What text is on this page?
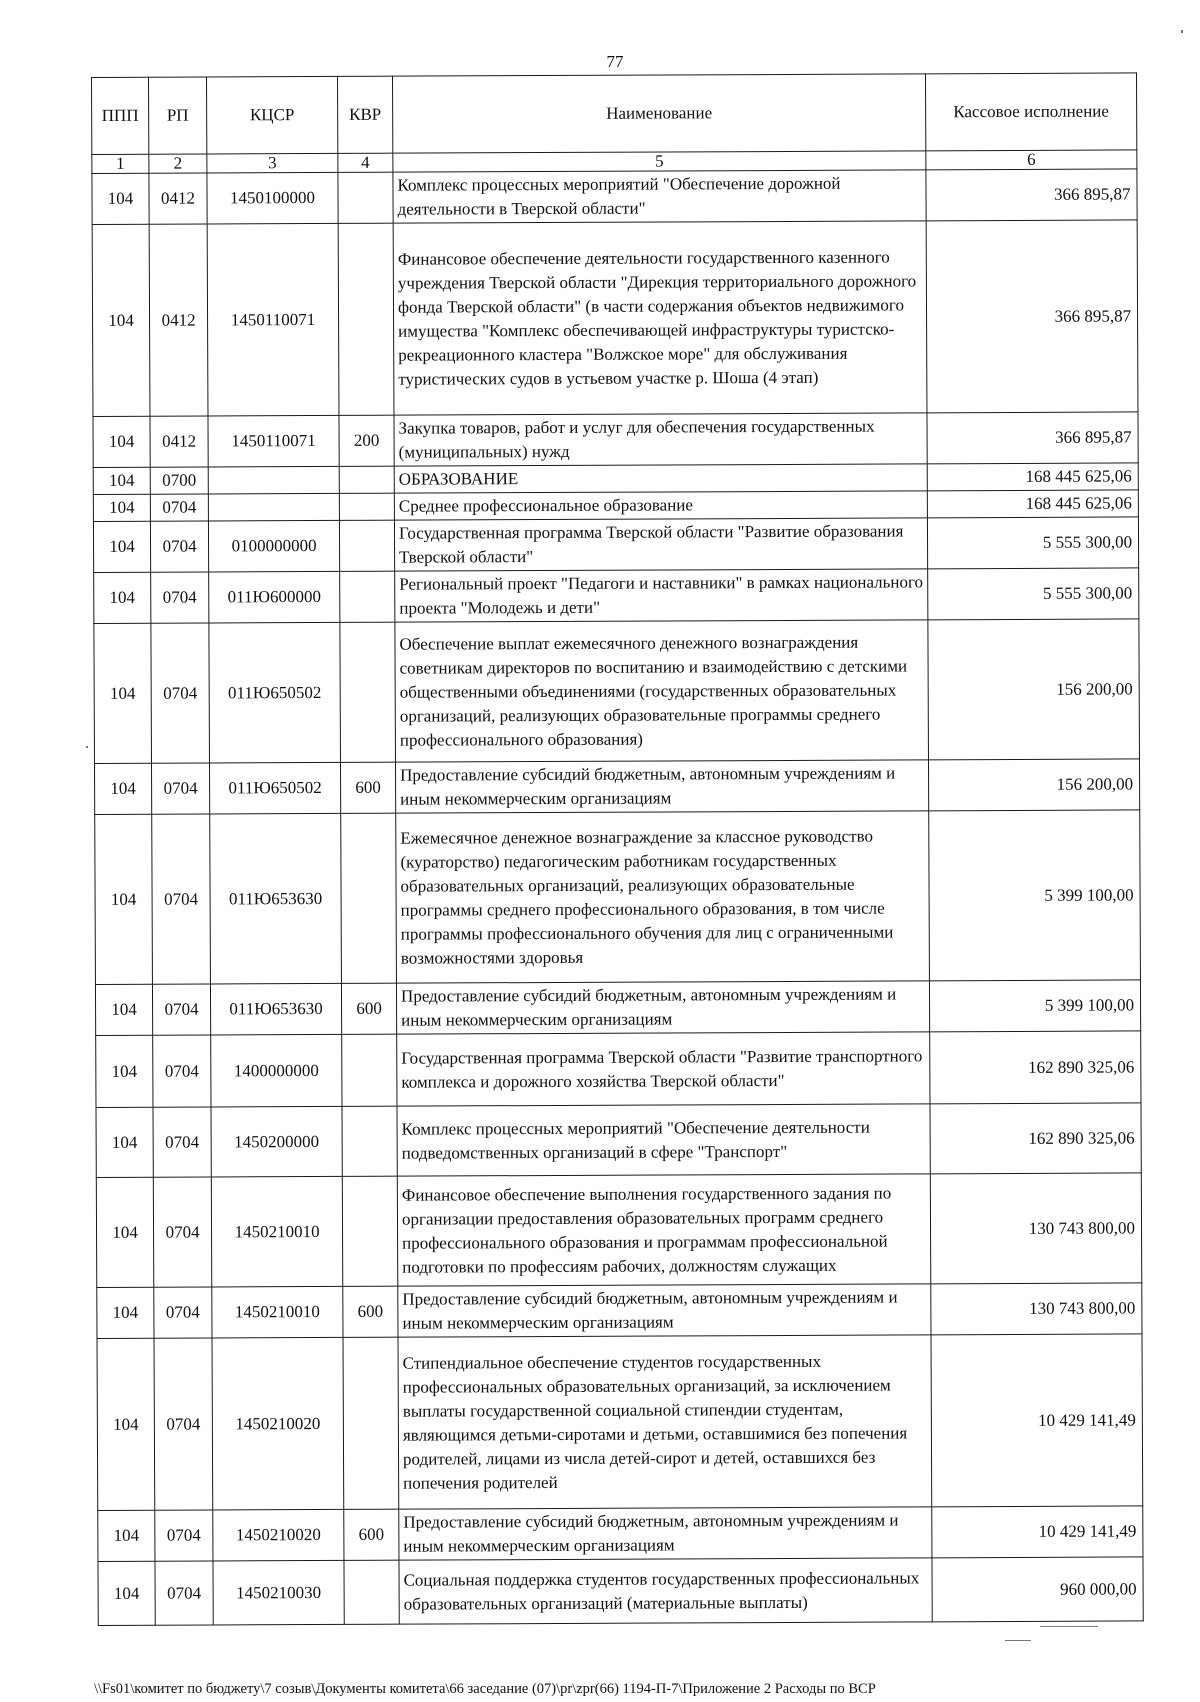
77
ППП	РП	КЦСР	КВР	Наименование	Кассовое исполнение
1	2	3	4	5	6
104	0412	1450100000		Комплекс процессных мероприятий "Обеспечение дорожной деятельности в Тверской области"	366 895,87
104	0412	1450110071		Финансовое обеспечение деятельности государственного казенного учреждения Тверской области "Дирекция территориального дорожного фонда Тверской области" (в части содержания объектов недвижимого имущества "Комплекс обеспечивающей инфраструктуры туристско-рекреационного кластера "Волжское море" для обслуживания туристических судов в устьевом участке р. Шоша (4 этап)	366 895,87
104	0412	1450110071	200	Закупка товаров, работ и услуг для обеспечения государственных (муниципальных) нужд	366 895,87
104	0700			ОБРАЗОВАНИЕ	168 445 625,06
104	0704			Среднее профессиональное образование	168 445 625,06
104	0704	0100000000		Государственная программа Тверской области "Развитие образования Тверской области"	5 555 300,00
104	0704	011Ю600000		Региональный проект "Педагоги и наставники" в рамках национального проекта "Молодежь и дети"	5 555 300,00
104	0704	011Ю650502		Обеспечение выплат ежемесячного денежного вознаграждения советникам директоров по воспитанию и взаимодействию с детскими общественными объединениями (государственных образовательных организаций, реализующих образовательные программы среднего профессионального образования)	156 200,00
104	0704	011Ю650502	600	Предоставление субсидий бюджетным, автономным учреждениям и иным некоммерческим организациям	156 200,00
104	0704	011Ю653630		Ежемесячное денежное вознаграждение за классное руководство (кураторство) педагогическим работникам государственных образовательных организаций, реализующих образовательные программы среднего профессионального образования, в том числе программы профессионального обучения для лиц с ограниченными возможностями здоровья	5 399 100,00
104	0704	011Ю653630	600	Предоставление субсидий бюджетным, автономным учреждениям и иным некоммерческим организациям	5 399 100,00
104	0704	1400000000		Государственная программа Тверской области "Развитие транспортного комплекса и дорожного хозяйства Тверской области"	162 890 325,06
104	0704	1450200000		Комплекс процессных мероприятий "Обеспечение деятельности подведомственных организаций в сфере "Транспорт"	162 890 325,06
104	0704	1450210010		Финансовое обеспечение выполнения государственного задания по организации предоставления образовательных программ среднего профессионального образования и программам профессиональной подготовки по профессиям рабочих, должностям служащих	130 743 800,00
104	0704	1450210010	600	Предоставление субсидий бюджетным, автономным учреждениям и иным некоммерческим организациям	130 743 800,00
104	0704	1450210020		Стипендиальное обеспечение студентов государственных профессиональных образовательных организаций, за исключением выплаты государственной социальной стипендии студентам, являющимся детьми-сиротами и детьми, оставшимися без попечения родителей, лицами из числа детей-сирот и детей, оставшихся без попечения родителей	10 429 141,49
104	0704	1450210020	600	Предоставление субсидий бюджетным, автономным учреждениям и иным некоммерческим организациям	10 429 141,49
104	0704	1450210030		Социальная поддержка студентов государственных профессиональных образовательных организаций (материальные выплаты)	960 000,00
\\Fs01\комитет по бюджету\7 созыв\Документы комитета\66 заседание (07)\pr\zpr(66) 1194-П-7\Приложение 2 Расходы по ВСР
